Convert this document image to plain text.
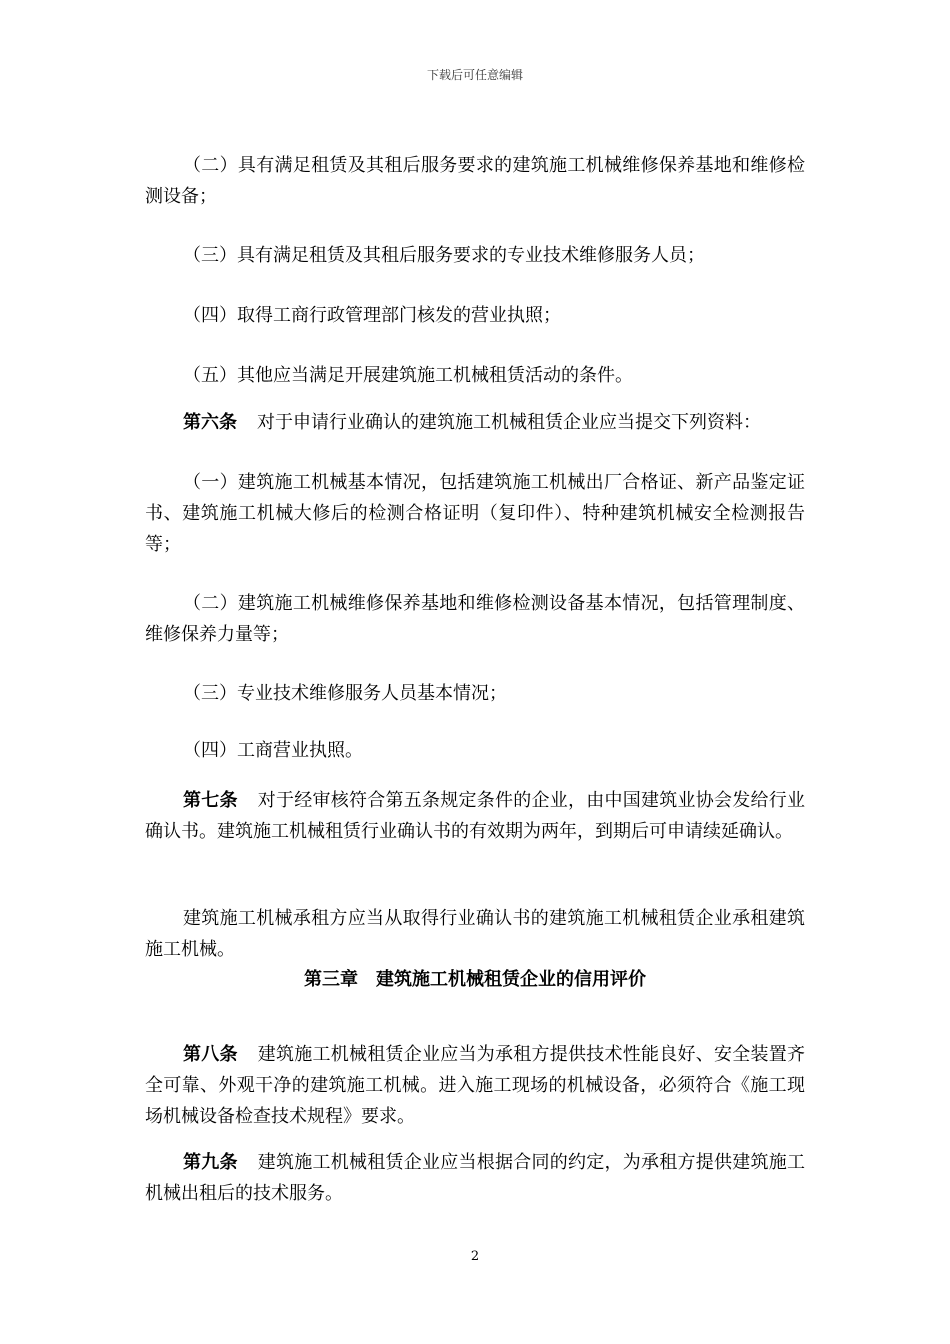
下载后可任意编辑

（二）具有满足租赁及其租后服务要求的建筑施工机械维修保养基地和维修检测设备；

（三）具有满足租赁及其租后服务要求的专业技术维修服务人员；

（四）取得工商行政管理部门核发的营业执照；

（五）其他应当满足开展建筑施工机械租赁活动的条件。

第六条 对于申请行业确认的建筑施工机械租赁企业应当提交下列资料：

（一）建筑施工机械基本情况，包括建筑施工机械出厂合格证、新产品鉴定证书、建筑施工机械大修后的检测合格证明（复印件）、特种建筑机械安全检测报告等；

（二）建筑施工机械维修保养基地和维修检测设备基本情况，包括管理制度、维修保养力量等；

（三）专业技术维修服务人员基本情况；

（四）工商营业执照。

第七条 对于经审核符合第五条规定条件的企业，由中国建筑业协会发给行业确认书。建筑施工机械租赁行业确认书的有效期为两年，到期后可申请续延确认。

建筑施工机械承租方应当从取得行业确认书的建筑施工机械租赁企业承租建筑施工机械。

第三章　建筑施工机械租赁企业的信用评价

第八条 建筑施工机械租赁企业应当为承租方提供技术性能良好、安全装置齐全可靠、外观干净的建筑施工机械。进入施工现场的机械设备，必须符合《施工现场机械设备检查技术规程》要求。

第九条 建筑施工机械租赁企业应当根据合同的约定，为承租方提供建筑施工机械出租后的技术服务。

2
